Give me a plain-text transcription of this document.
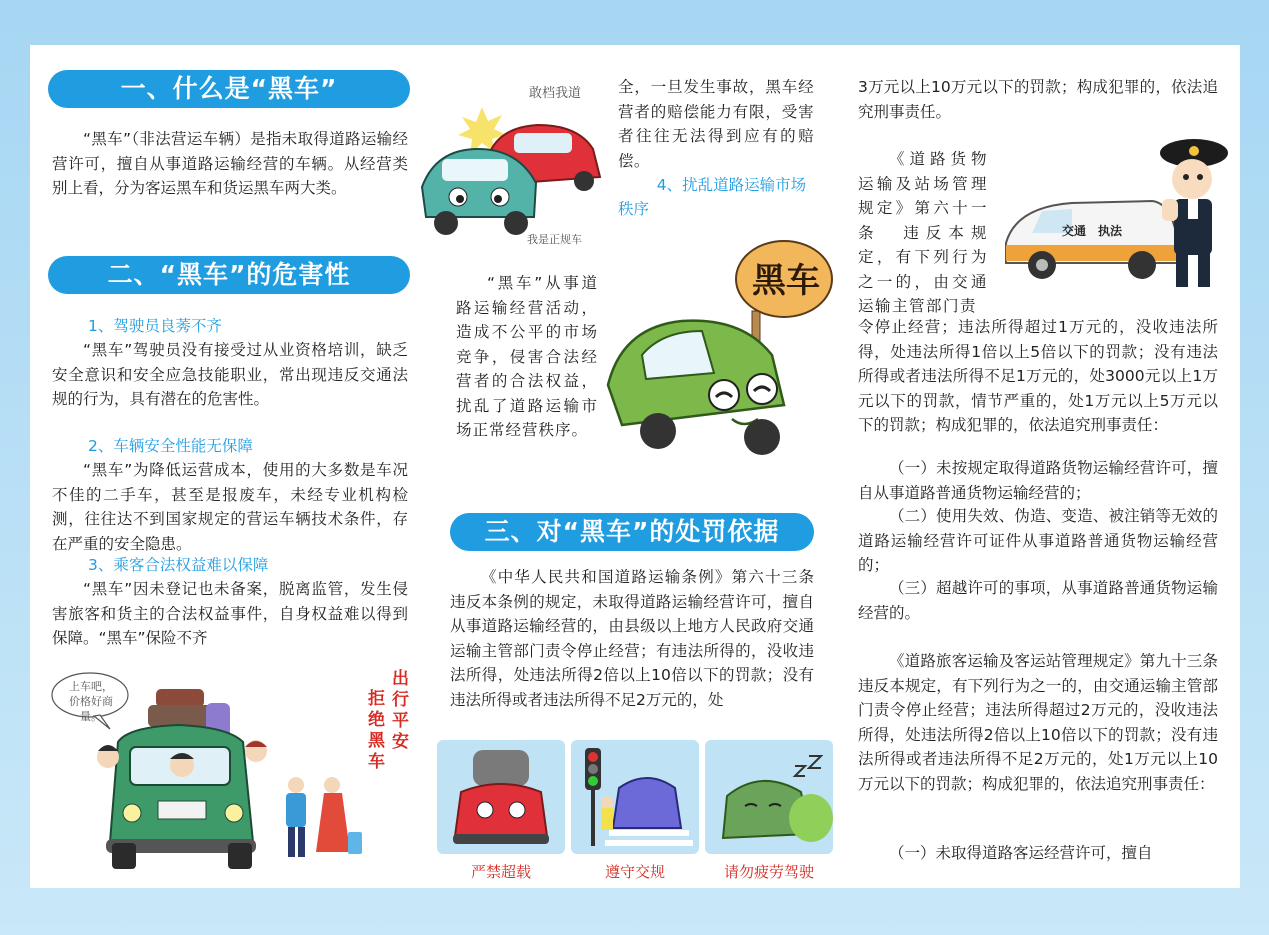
一、什么是“黑车”

“黑车”（非法营运车辆）是指未取得道路运输经营许可，擅自从事道路运输经营的车辆。从经营类别上看，分为客运黑车和货运黑车两大类。

二、“黑车”的危害性
1、驾驶员良莠不齐

“黑车”驾驶员没有接受过从业资格培训，缺乏安全意识和安全应急技能职业，常出现违反交通法规的行为，具有潜在的危害性。

2、车辆安全性能无保障

“黑车”为降低运营成本，使用的大多数是车况不佳的二手车，甚至是报废车，未经专业机构检测，往往达不到国家规定的营运车辆技术条件，存在严重的安全隐患。

3、乘客合法权益难以保障

“黑车”因未登记也未备案，脱离监管，发生侵害旅客和货主的合法权益事件，自身权益难以得到保障。“黑车”保险不齐

上车吧，
价格好商量。
出行平安
拒绝黑车
敢档我道
我是正规车

全，一旦发生事故，黑车经营者的赔偿能力有限，受害者往往无法得到应有的赔偿。

4、扰乱道路运输市场秩序

“黑车”从事道路运输经营活动，造成不公平的市场竞争，侵害合法经营者的合法权益，扰乱了道路运输市场正常经营秩序。

黑车
三、对“黑车”的处罚依据

《中华人民共和国道路运输条例》第六十三条　违反本条例的规定，未取得道路运输经营许可，擅自从事道路运输经营的，由县级以上地方人民政府交通运输主管部门责令停止经营；有违法所得的，没收违法所得，处违法所得2倍以上10倍以下的罚款；没有违法所得或者违法所得不足2万元的，处

严禁超载	遵守交规	请勿疲劳驾驶

3万元以上10万元以下的罚款；构成犯罪的，依法追究刑事责任。

《道路货物运输及站场管理规定》第六十一条　违反本规定，有下列行为之一的，由交通运输主管部门责

交通　执法

令停止经营；违法所得超过1万元的，没收违法所得，处违法所得1倍以上5倍以下的罚款；没有违法所得或者违法所得不足1万元的，处3000元以上1万元以下的罚款，情节严重的，处1万元以上5万元以下的罚款；构成犯罪的，依法追究刑事责任：

（一）未按规定取得道路货物运输经营许可，擅自从事道路普通货物运输经营的；

（二）使用失效、伪造、变造、被注销等无效的道路运输经营许可证件从事道路普通货物运输经营的；

（三）超越许可的事项，从事道路普通货物运输经营的。

《道路旅客运输及客运站管理规定》第九十三条　违反本规定，有下列行为之一的，由交通运输主管部门责令停止经营；违法所得超过2万元的，没收违法所得，处违法所得2倍以上10倍以下的罚款；没有违法所得或者违法所得不足2万元的，处1万元以上10万元以下的罚款；构成犯罪的，依法追究刑事责任：

（一）未取得道路客运经营许可，擅自
